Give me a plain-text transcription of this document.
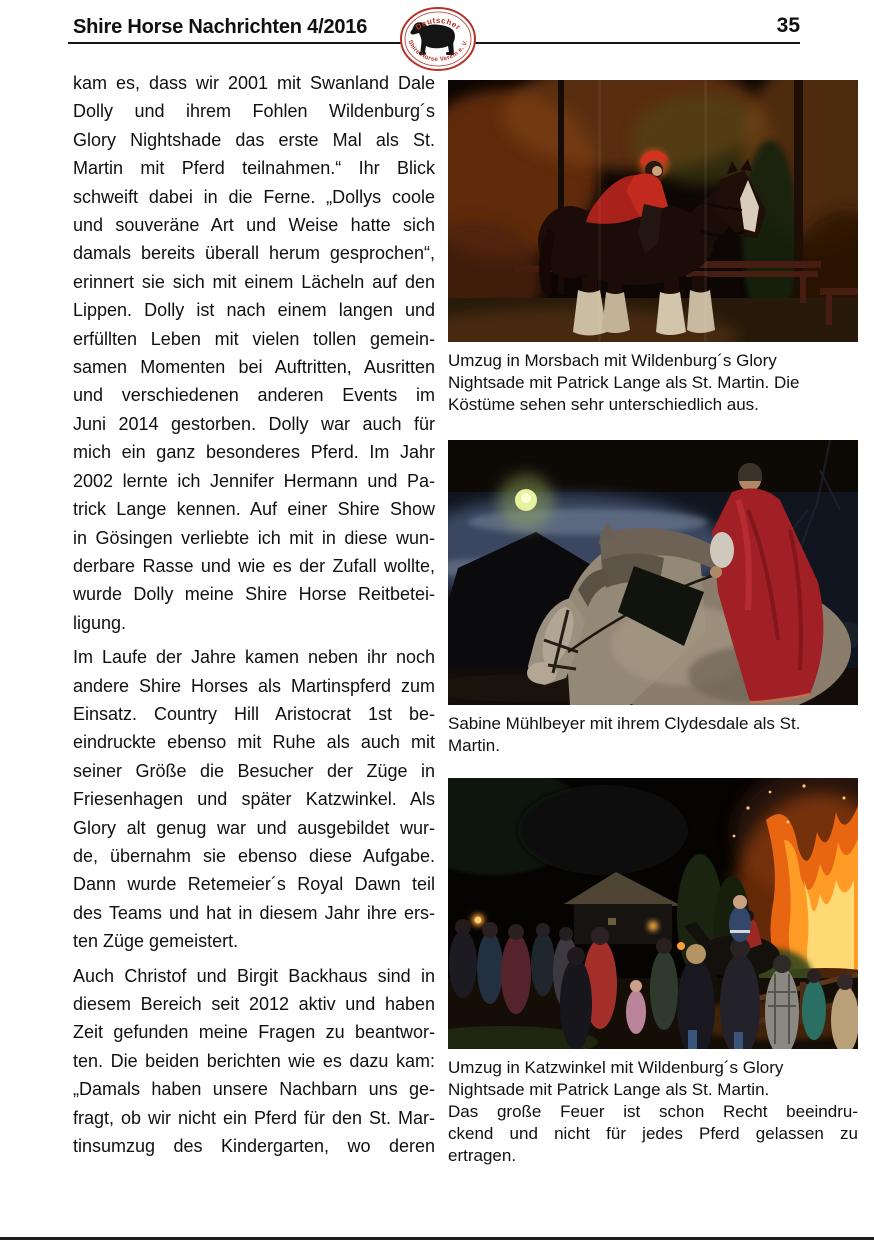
Shire Horse Nachrichten 4/2016	35
Deutscher
Shire Horse Verein e. V.
kam es, dass wir 2001 mit Swanland Dale
Dolly und ihrem Fohlen Wildenburg´s
Glory Nightshade das erste Mal als St.
Martin mit Pferd teilnahmen.“ Ihr Blick
schweift dabei in die Ferne. „Dollys coole
und souveräne Art und Weise hatte sich
damals bereits überall herum gesprochen“,
erinnert sie sich mit einem Lächeln auf den
Lippen. Dolly ist nach einem langen und
erfüllten Leben mit vielen tollen gemein-
samen Momenten bei Auftritten, Ausritten
und verschiedenen anderen Events im
Juni 2014 gestorben. Dolly war auch für
mich ein ganz besonderes Pferd. Im Jahr
2002 lernte ich Jennifer Hermann und Pa-
trick Lange kennen. Auf einer Shire Show
in Gösingen verliebte ich mit in diese wun-
derbare Rasse und wie es der Zufall wollte,
wurde Dolly meine Shire Horse Reitbetei-
ligung.
Im Laufe der Jahre kamen neben ihr noch
andere Shire Horses als Martinspferd zum
Einsatz. Country Hill Aristocrat 1st be-
eindruckte ebenso mit Ruhe als auch mit
seiner Größe die Besucher der Züge in
Friesenhagen und später Katzwinkel. Als
Glory alt genug war und ausgebildet wur-
de, übernahm sie ebenso diese Aufgabe.
Dann wurde Retemeier´s Royal Dawn teil
des Teams und hat in diesem Jahr ihre ers-
ten Züge gemeistert.
Auch Christof und Birgit Backhaus sind in
diesem Bereich seit 2012 aktiv und haben
Zeit gefunden meine Fragen zu beantwor-
ten. Die beiden berichten wie es dazu kam:
„Damals haben unsere Nachbarn uns ge-
fragt, ob wir nicht ein Pferd für den St. Mar-
tinsumzug des Kindergarten, wo deren
Umzug in Morsbach mit Wildenburg´s Glory
Nightsade mit Patrick Lange als St. Martin. Die
Köstüme sehen sehr unterschiedlich aus.
Sabine Mühlbeyer mit ihrem Clydesdale als St.
Martin.
Umzug in Katzwinkel mit Wildenburg´s Glory
Nightsade mit Patrick Lange als St. Martin.
Das große Feuer ist schon Recht beeindru-
ckend und nicht für jedes Pferd gelassen zu
ertragen.
